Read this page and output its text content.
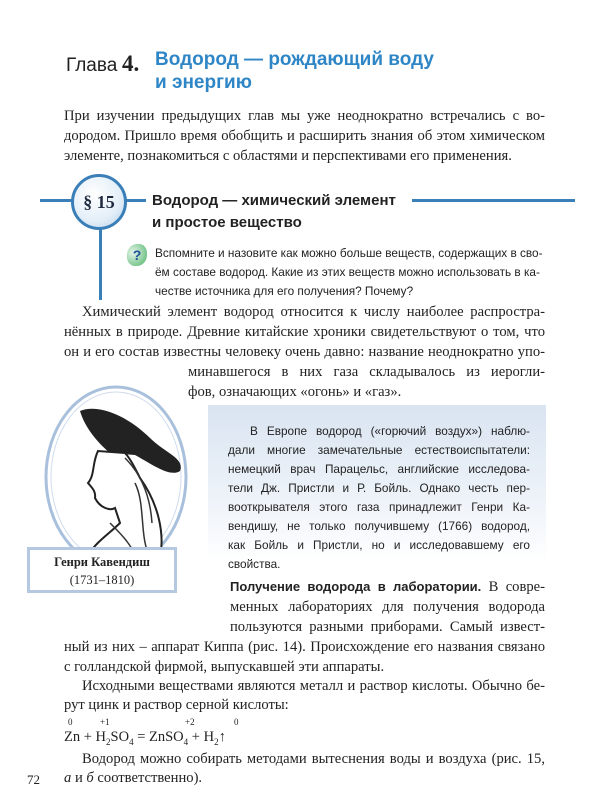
Глава 4. Водород — рождающий воду
и энергию
При изучении предыдущих глав мы уже неоднократно встречались с во-
дородом. Пришло время обобщить и расширить знания об этом химическом
элементе, познакомиться с областями и перспективами его применения.
§ 15 Водород — химический элемент
и простое вещество
?	Вспомните и назовите как можно больше веществ, содержащих в сво-
ём составе водород. Какие из этих веществ можно использовать в ка-
честве источника для его получения? Почему?
Химический элемент водород относится к числу наиболее распростра-
нённых в природе. Древние китайские хроники свидетельствуют о том, что
он и его состав известны человеку очень давно: название неоднократно упо-
минавшегося в них газа складывалось из иерогли-
фов, означающих «огонь» и «газ».
Генри Кавендиш
(1731–1810)
В Европе водород («горючий воздух») наблю-
дали многие замечательные естествоиспытатели:
немецкий врач Парацельс, английские исследова-
тели Дж. Пристли и Р. Бойль. Однако честь пер-
вооткрывателя этого газа принадлежит Генри Ка-
вендишу, не только получившему (1766) водород,
как Бойль и Пристли, но и исследовавшему его
свойства.
Получение водорода в лаборатории. В совре-
менных лабораториях для получения водорода
пользуются разными приборами. Самый извест-
ный из них – аппарат Киппа (рис. 14). Происхождение его названия связано
с голландской фирмой, выпускавшей эти аппараты.
Исходными веществами являются металл и раствор кислоты. Обычно бе-
рут цинк и раствор серной кислоты:
0	+1	+2	0
$Zn + H_2SO_4$ = ZnSO$_4$ + $H_2↑$
Водород можно собирать методами вытеснения воды и воздуха (рис. 15,
а и б соответственно).
72
